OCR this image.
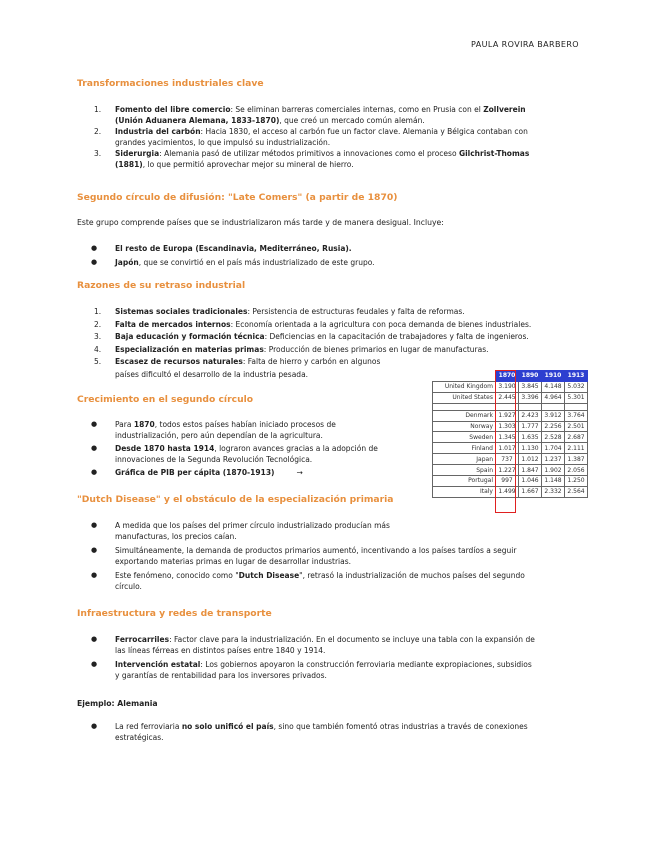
PAULA ROVIRA BARBERO
Transformaciones industriales clave
1. Fomento del libre comercio: Se eliminan barreras comerciales internas, como en Prusia con el Zollverein
(Unión Aduanera Alemana, 1833-1870), que creó un mercado común alemán.
2. Industria del carbón: Hacia 1830, el acceso al carbón fue un factor clave. Alemania y Bélgica contaban con
grandes yacimientos, lo que impulsó su industrialización.
3. Siderurgia: Alemania pasó de utilizar métodos primitivos a innovaciones como el proceso Gilchrist-Thomas
(1881), lo que permitió aprovechar mejor su mineral de hierro.
Segundo círculo de difusión: "Late Comers" (a partir de 1870)

Este grupo comprende países que se industrializaron más tarde y de manera desigual. Incluye:

● El resto de Europa (Escandinavia, Mediterráneo, Rusia).
● Japón, que se convirtió en el país más industrializado de este grupo.
Razones de su retraso industrial
1. Sistemas sociales tradicionales: Persistencia de estructuras feudales y falta de reformas.
2. Falta de mercados internos: Economía orientada a la agricultura con poca demanda de bienes industriales.
3. Baja educación y formación técnica: Deficiencias en la capacitación de trabajadores y falta de ingenieros.
4. Especialización en materias primas: Producción de bienes primarios en lugar de manufacturas.
5. Escasez de recursos naturales: Falta de hierro y carbón en algunos
países dificultó el desarrollo de la industria pesada.
Crecimiento en el segundo círculo
● Para 1870, todos estos países habían iniciado procesos de
industrialización, pero aún dependían de la agricultura.
● Desde 1870 hasta 1914, lograron avances gracias a la adopción de
innovaciones de la Segunda Revolución Tecnológica.
● Gráfica de PIB per cápita (1870-1913)	→
	1870	1890	1910	1913
United Kingdom	3.190	3.845	4.148	5.032
United States	2.445	3.396	4.964	5.301

Denmark	1.927	2.423	3.912	3.764
Norway	1.303	1.777	2.256	2.501
Sweden	1.345	1.635	2.528	2.687
Finland	1.017	1.130	1.704	2.111
Japan	737	1.012	1.237	1.387
Spain	1.227	1.847	1.902	2.056
Portugal	997	1.046	1.148	1.250
Italy	1.499	1.667	2.332	2.564
"Dutch Disease" y el obstáculo de la especialización primaria
● A medida que los países del primer círculo industrializado producían más
manufacturas, los precios caían.
● Simultáneamente, la demanda de productos primarios aumentó, incentivando a los países tardíos a seguir
exportando materias primas en lugar de desarrollar industrias.
● Este fenómeno, conocido como "Dutch Disease", retrasó la industrialización de muchos países del segundo
círculo.
Infraestructura y redes de transporte
● Ferrocarriles: Factor clave para la industrialización. En el documento se incluye una tabla con la expansión de
las líneas férreas en distintos países entre 1840 y 1914.
● Intervención estatal: Los gobiernos apoyaron la construcción ferroviaria mediante expropiaciones, subsidios
y garantías de rentabilidad para los inversores privados.

Ejemplo: Alemania

● La red ferroviaria no solo unificó el país, sino que también fomentó otras industrias a través de conexiones
estratégicas.
